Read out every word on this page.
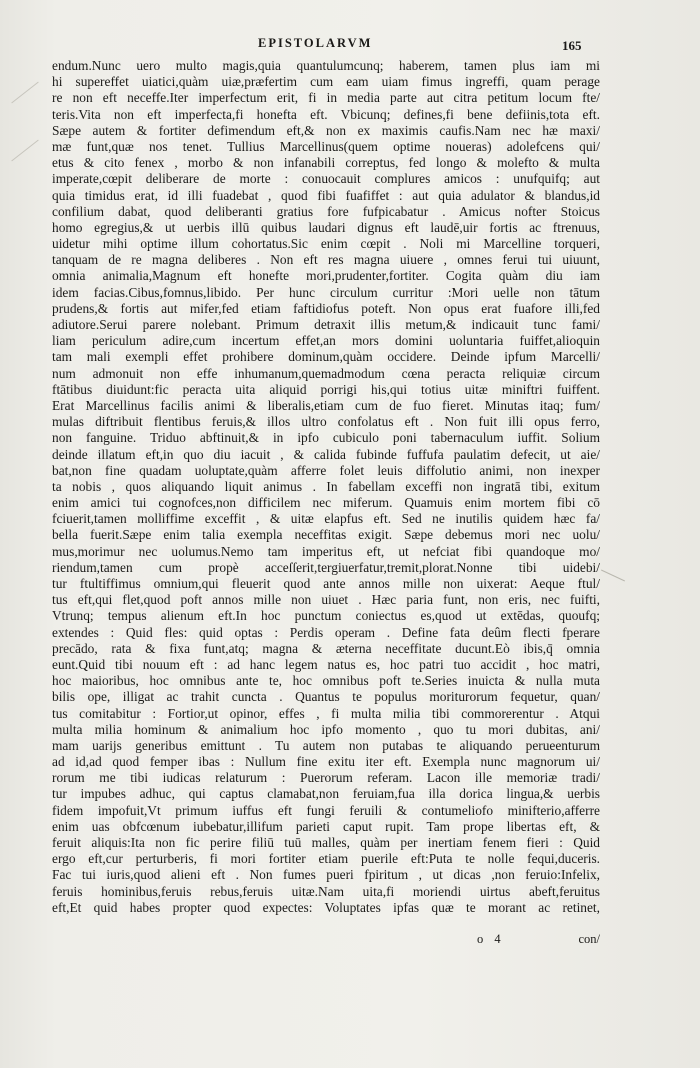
EPISTOLARVM	165
endum.Nunc uero multo magis,quia quantulumcunq; haberem, tamen plus iam mi
hi supereffet uiatici,quàm uiæ,præfertim cum eam uiam fimus ingreffi, quam perage
re non eft neceffe.Iter imperfectum erit, fi in media parte aut citra petitum locum fte/
teris.Vita non eft imperfecta,fi honefta eft. Vbicunq; defines,fi bene defiinis,tota eft.
Sæpe autem & fortiter defimendum eft,& non ex maximis caufis.Nam nec hæ maxi/
mæ funt,quæ nos tenet. Tullius Marcellinus(quem optime noueras) adolefcens qui/
etus & cito fenex , morbo & non infanabili correptus, fed longo & molefto & multa
imperate,cœpit deliberare de morte : conuocauit complures amicos : unufquifq; aut
quia timidus erat, id illi fuadebat , quod fibi fuafiffet : aut quia adulator & blandus,id
confilium dabat, quod deliberanti gratius fore fufpicabatur . Amicus nofter Stoicus
homo egregius,& ut uerbis illū quibus laudari dignus eft laudē,uir fortis ac ftrenuus,
uidetur mihi optime illum cohortatus.Sic enim cœpit . Noli mi Marcelline torqueri,
tanquam de re magna deliberes . Non eft res magna uiuere , omnes ferui tui uiuunt,
omnia animalia,Magnum eft honefte mori,prudenter,fortiter. Cogita quàm diu iam
idem facias.Cibus,fomnus,libido. Per hunc circulum curritur :Mori uelle non tātum
prudens,& fortis aut mifer,fed etiam faftidiofus poteft. Non opus erat fuafore illi,fed
adiutore.Serui parere nolebant. Primum detraxit illis metum,& indicauit tunc fami/
liam periculum adire,cum incertum effet,an mors domini uoluntaria fuiffet,alioquin
tam mali exempli effet prohibere dominum,quàm occidere. Deinde ipfum Marcelli/
num admonuit non effe inhumanum,quemadmodum cœna peracta reliquiæ circum
ftātibus diuidunt:fic peracta uita aliquid porrigi his,qui totius uitæ miniftri fuiffent.
Erat Marcellinus facilis animi & liberalis,etiam cum de fuo fieret. Minutas itaq; fum/
mulas diftribuit flentibus feruis,& illos ultro confolatus eft . Non fuit illi opus ferro,
non fanguine. Triduo abftinuit,& in ipfo cubiculo poni tabernaculum iuffit. Solium
deinde illatum eft,in quo diu iacuit , & calida fubinde fuffufa paulatim defecit, ut aie/
bat,non fine quadam uoluptate,quàm afferre folet leuis diffolutio animi, non inexper
ta nobis , quos aliquando liquit animus . In fabellam exceffi non ingratā tibi, exitum
enim amici tui cognofces,non difficilem nec miferum. Quamuis enim mortem fibi cō
fciuerit,tamen molliffime exceffit , & uitæ elapfus eft. Sed ne inutilis quidem hæc fa/
bella fuerit.Sæpe enim talia exempla neceffitas exigit. Sæpe debemus mori nec uolu/
mus,morimur nec uolumus.Nemo tam imperitus eft, ut nefciat fibi quandoque mo/
riendum,tamen cum propè acceſſerit,tergiuerfatur,tremit,plorat.Nonne tibi uidebi/
tur ftultiffimus omnium,qui fleuerit quod ante annos mille non uixerat: Aeque ftul/
tus eft,qui flet,quod poft annos mille non uiuet . Hæc paria funt, non eris, nec fuifti,
Vtrunq; tempus alienum eft.In hoc punctum coniectus es,quod ut extēdas, quoufq;
extendes : Quid fles: quid optas : Perdis operam . Define fata deûm flecti fperare
precādo, rata & fixa funt,atq; magna & æterna neceffitate ducunt.Eò ibis,q̄ omnia
eunt.Quid tibi nouum eft : ad hanc legem natus es, hoc patri tuo accidit , hoc matri,
hoc maioribus, hoc omnibus ante te, hoc omnibus poft te.Series inuicta & nulla muta
bilis ope, illigat ac trahit cuncta . Quantus te populus moriturorum fequetur, quan/
tus comitabitur : Fortior,ut opinor, effes , fi multa milia tibi commorerentur . Atqui
multa milia hominum & animalium hoc ipfo momento , quo tu mori dubitas, ani/
mam uarijs generibus emittunt . Tu autem non putabas te aliquando perueenturum
ad id,ad quod femper ibas : Nullum fine exitu iter eft. Exempla nunc magnorum ui/
rorum me tibi iudicas relaturum : Puerorum referam. Lacon ille memoriæ tradi/
tur impubes adhuc, qui captus clamabat,non feruiam,fua illa dorica lingua,& uerbis
fidem impofuit,Vt primum iuffus eft fungi feruili & contumeliofo minifterio,afferre
enim uas obfcœnum iubebatur,illifum parieti caput rupit. Tam prope libertas eft, &
feruit aliquis:Ita non fic perire filiū tuū malles, quàm per inertiam fenem fieri : Quid
ergo eft,cur perturberis, fi mori fortiter etiam puerile eft:Puta te nolle fequi,duceris.
Fac tui iuris,quod alieni eft . Non fumes pueri fpiritum , ut dicas ,non feruio:Infelix,
feruis hominibus,feruis rebus,feruis uitæ.Nam uita,fi moriendi uirtus abeft,feruitus
eft,Et quid habes propter quod expectes: Voluptates ipfas quæ te morant ac retinet,
o 4	con/
